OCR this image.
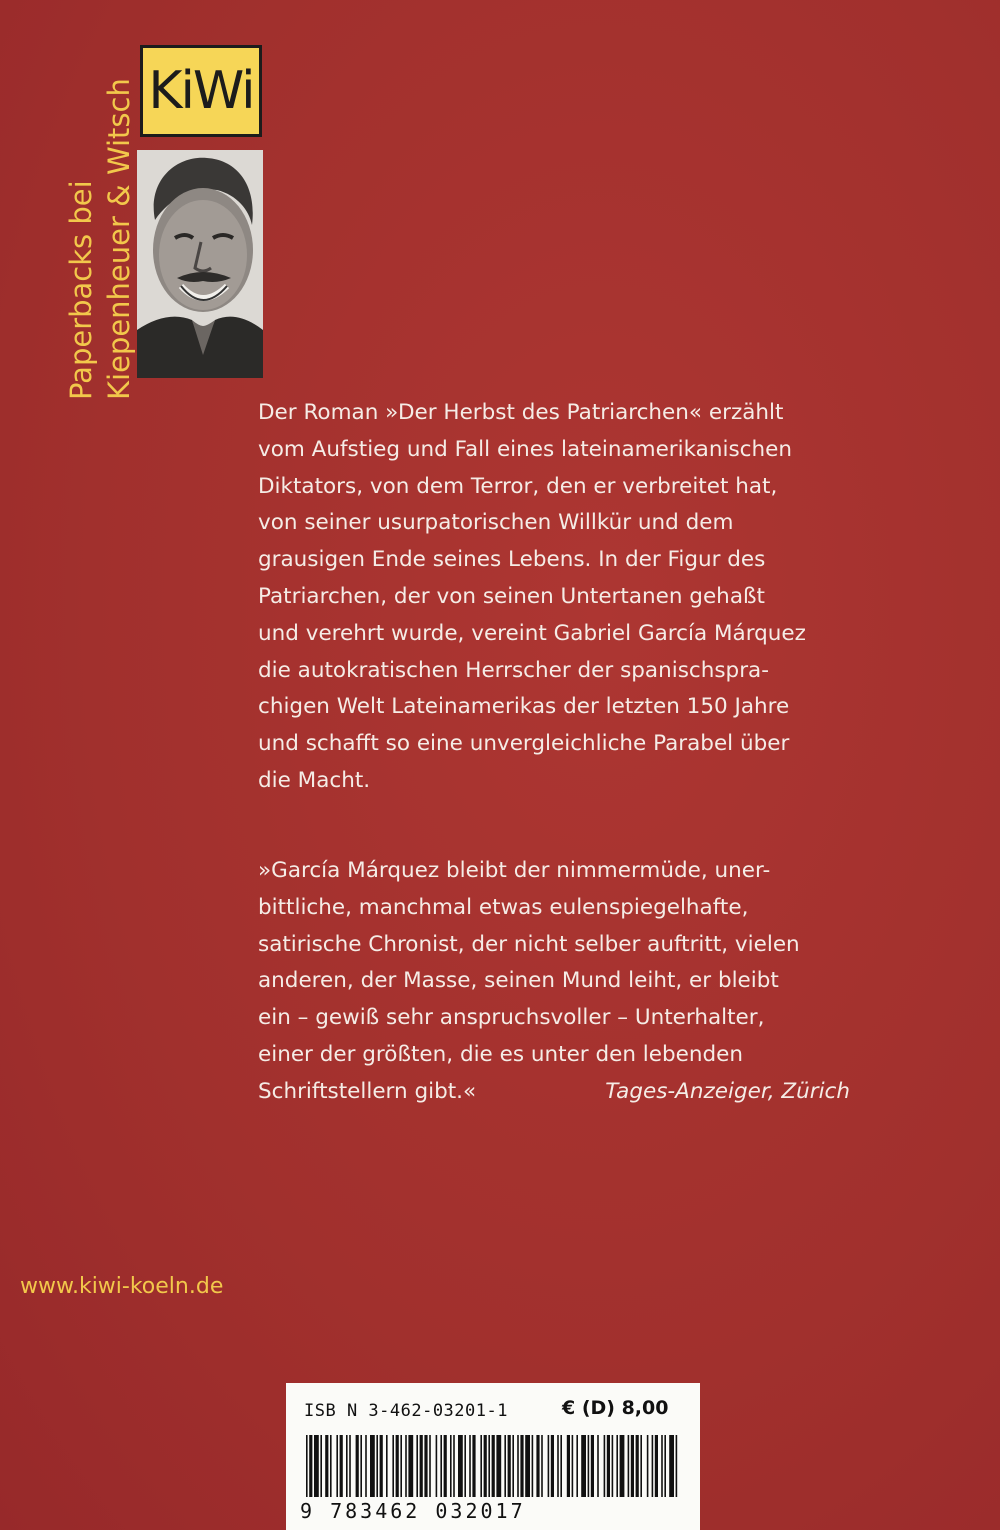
Paperbacks bei Kiepenheuer & Witsch KiWi

Der Roman »Der Herbst des Patriarchen« erzählt

vom Aufstieg und Fall eines lateinamerikanischen

Diktators, von dem Terror, den er verbreitet hat,

von seiner usurpatorischen Willkür und dem

grausigen Ende seines Lebens. In der Figur des

Patriarchen, der von seinen Untertanen gehaßt

und verehrt wurde, vereint Gabriel García Márquez

die autokratischen Herrscher der spanischspra-

chigen Welt Lateinamerikas der letzten 150 Jahre

und schafft so eine unvergleichliche Parabel über

die Macht.

»García Márquez bleibt der nimmermüde, uner-
bittliche, manchmal etwas eulenspiegelhafte,
satirische Chronist, der nicht selber auftritt, vielen
anderen, der Masse, seinen Mund leiht, er bleibt
ein – gewiß sehr anspruchsvoller – Unterhalter,
einer der größten, die es unter den lebenden
Schriftstellern gibt.«	Tages-Anzeiger, Zürich
www.kiwi-koeln.de
ISB N 3-462-03201-1	€ (D) 8,00
9 783462 032017
